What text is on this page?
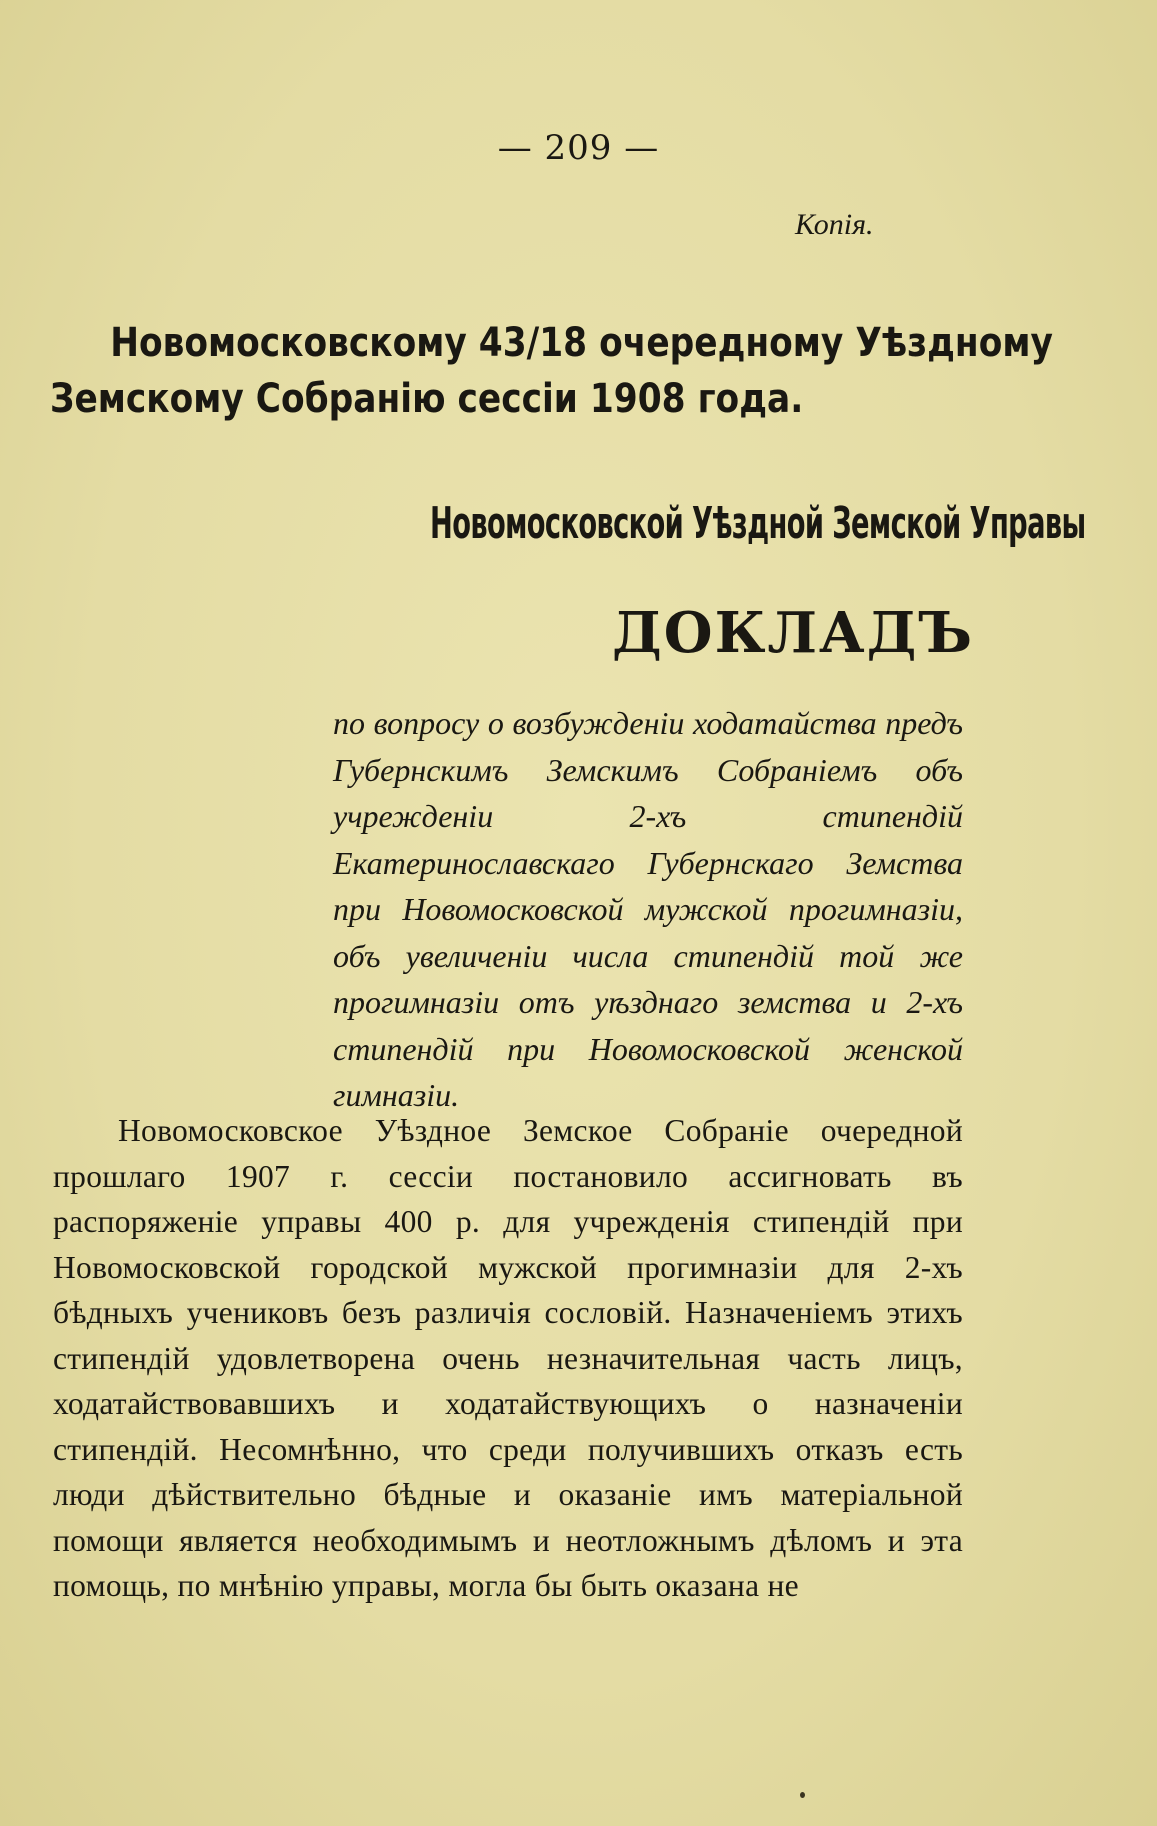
— 209 —
Копія.
Новомосковскому 43/18 очередному Уѣздному
Земскому Собранію сессіи 1908 года.
Новомосковской Уѣздной Земской Управы
ДОКЛАДЪ
по вопросу о возбужденіи ходатайства предъ Губернскимъ Земскимъ Собраніемъ объ учрежденіи 2-хъ стипендій Екатеринославскаго Губернскаго Земства при Новомосковской мужской прогимназіи, объ увеличеніи числа стипендій той же прогимназіи отъ уѣзднаго земства и 2-хъ стипендій при Новомосковской женской гимназіи.
Новомосковское Уѣздное Земское Собраніе очередной прошлаго 1907 г. сессіи постановило ассигновать въ распоряженіе управы 400 р. для учрежденія стипендій при Новомосковской городской мужской прогимназіи для 2-хъ бѣдныхъ учениковъ безъ различія сословій. Назначеніемъ этихъ стипендій удовлетворена очень незначительная часть лицъ, ходатайствовавшихъ и ходатайствующихъ о назначеніи стипендій. Несомнѣнно, что среди получившихъ отказъ есть люди дѣйствительно бѣдные и оказаніе имъ матеріальной помощи является необходимымъ и неотложнымъ дѣломъ и эта помощь, по мнѣнію управы, могла бы быть оказана не
